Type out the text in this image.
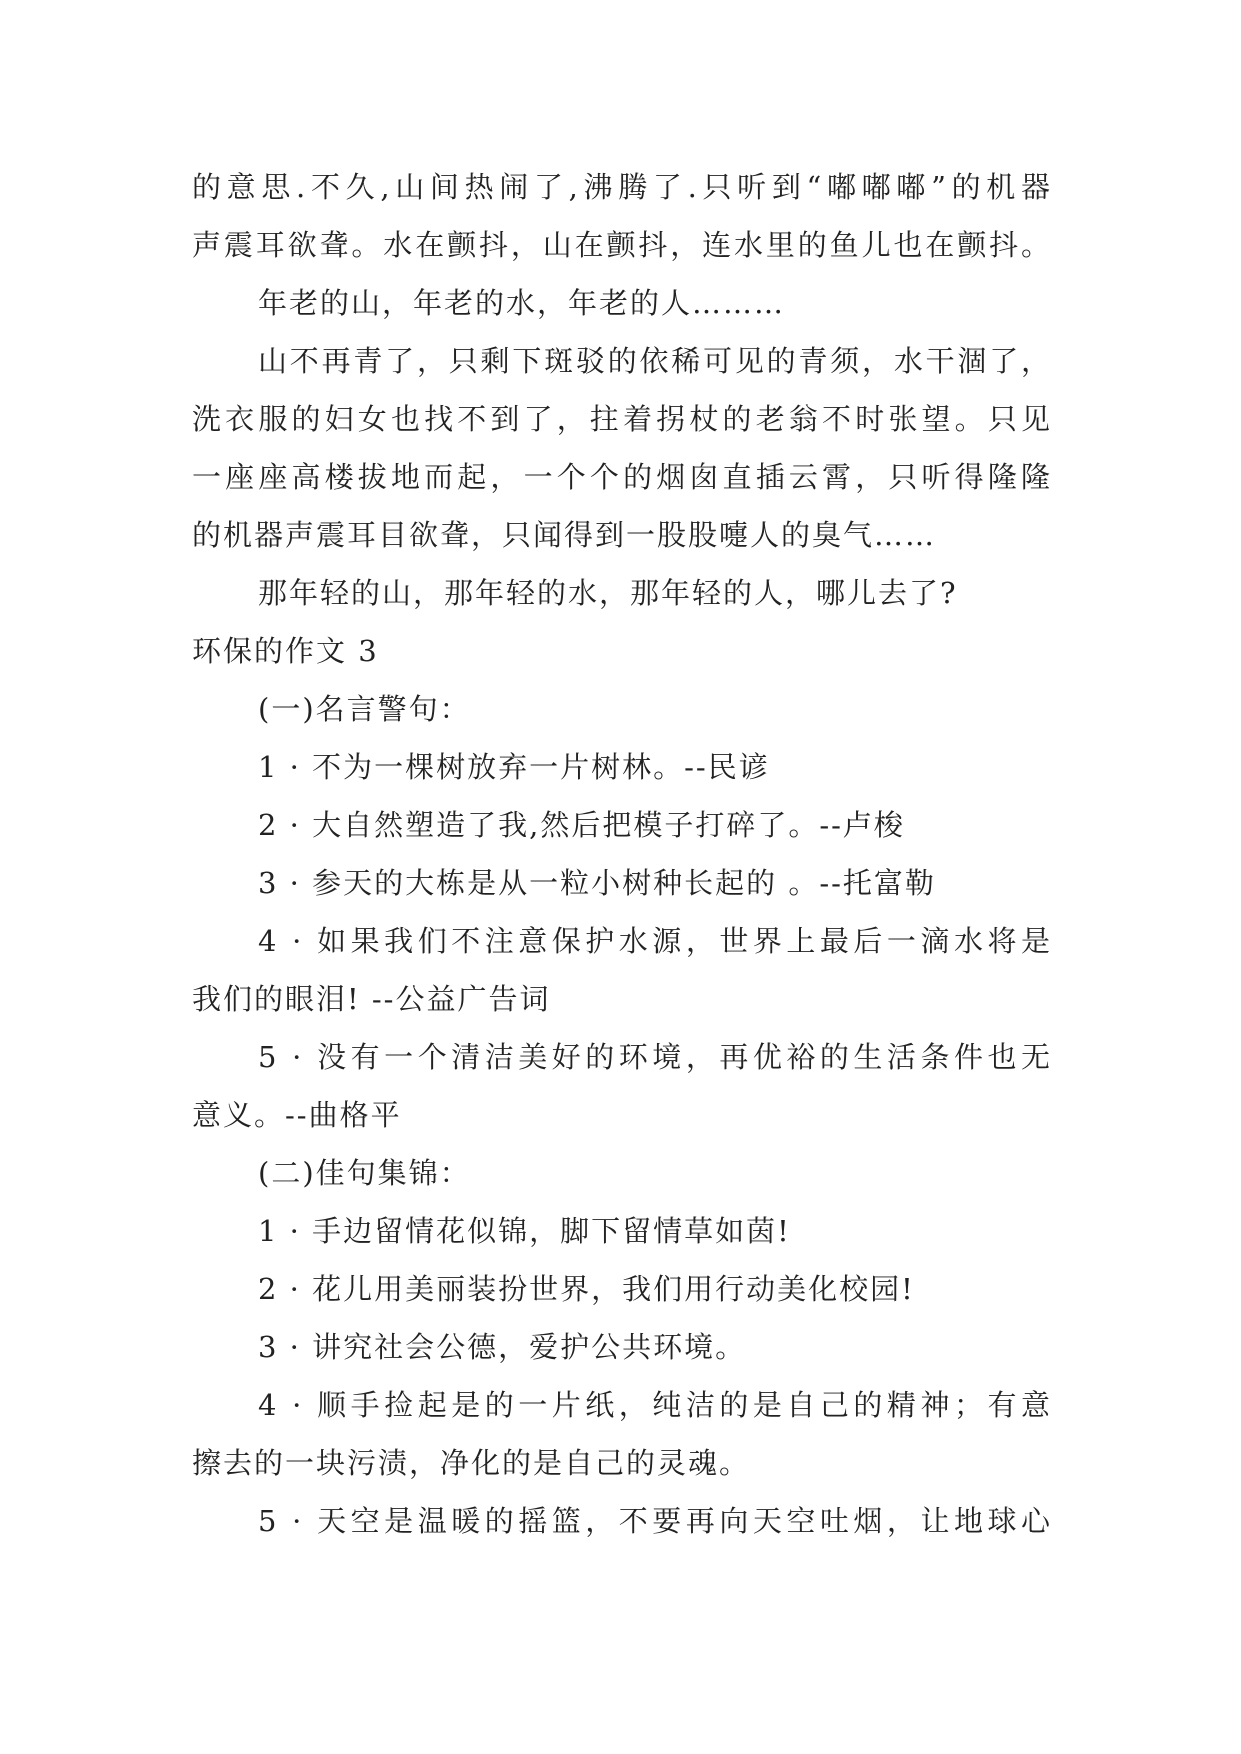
的意思.不久,山间热闹了,沸腾了.只听到“嘟嘟嘟”的机器
声震耳欲聋。水在颤抖，山在颤抖，连水里的鱼儿也在颤抖。
年老的山，年老的水，年老的人………
山不再青了，只剩下斑驳的依稀可见的青须，水干涸了，
洗衣服的妇女也找不到了，拄着拐杖的老翁不时张望。只见
一座座高楼拔地而起，一个个的烟囱直插云霄，只听得隆隆
的机器声震耳目欲聋，只闻得到一股股嚏人的臭气……
那年轻的山，那年轻的水，那年轻的人，哪儿去了?
环保的作文 3
(一)名言警句：
1 · 不为一棵树放弃一片树林。--民谚
2 · 大自然塑造了我,然后把模子打碎了。--卢梭
3 · 参天的大栋是从一粒小树种长起的 。--托富勒
4 · 如果我们不注意保护水源，世界上最后一滴水将是
我们的眼泪! --公益广告词
5 · 没有一个清洁美好的环境，再优裕的生活条件也无
意义。--曲格平
(二)佳句集锦：
1 · 手边留情花似锦，脚下留情草如茵!
2 · 花儿用美丽装扮世界，我们用行动美化校园!
3 · 讲究社会公德，爱护公共环境。
4 · 顺手捡起是的一片纸，纯洁的是自己的精神；有意
擦去的一块污渍，净化的是自己的灵魂。
5 · 天空是温暖的摇篮，不要再向天空吐烟，让地球心
